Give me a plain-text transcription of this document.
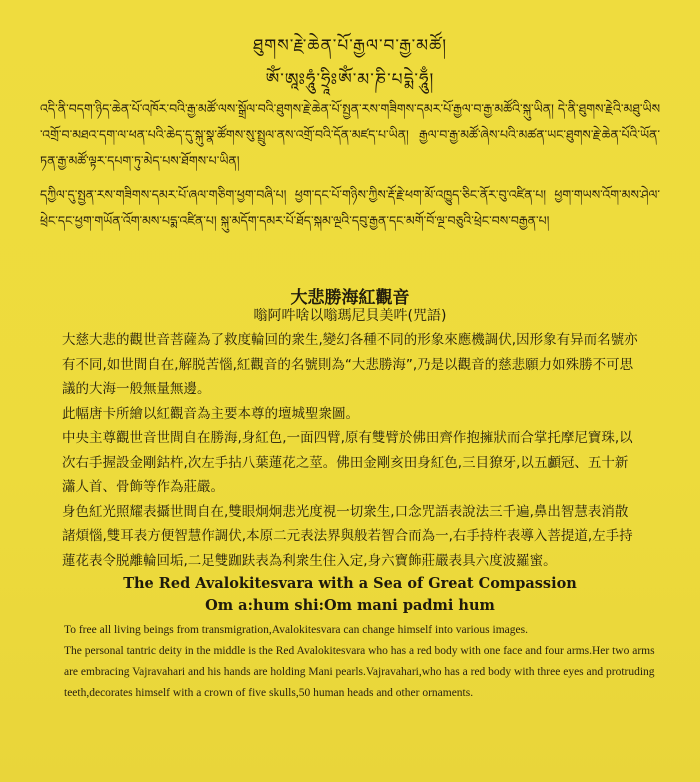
ཐུགས་རྗེ་ཆེན་པོ་རྒྱལ་བ་རྒྱ་མཚོ།
ཨོཾ་ཨཱཿཧཱུཾ་ཧྲཱིཿཨོཾ་མ་ཎི་པདྨེ་ཧཱུྃ།
འདི་ནི་བདག་ཉིད་ཆེན་པོ་འཁོར་བའི་རྒྱ་མཚོ་ལས་སྒྲོལ་བའི་ཐུགས་རྗེ་ཆེན་པོ་སྤྱན་རས་གཟིགས་དམར་པོ་རྒྱལ་བ་རྒྱ་མཚོའི་སྐུ་ཡིན། དེ་ནི་ཐུགས་རྗེའི་མཐུ་ཡིས་འགྲོ་བ་མཐའ་དག་ལ་ཕན་པའི་ཆེད་དུ་སྐུ་སྣ་ཚོགས་སུ་སྤྲུལ་ནས་འགྲོ་བའི་དོན་མཛད་པ་ཡིན། རྒྱལ་བ་རྒྱ་མཚོ་ཞེས་པའི་མཚན་ཡང་ཐུགས་རྗེ་ཆེན་པོའི་ཡོན་ཏན་རྒྱ་མཚོ་ལྟར་དཔག་ཏུ་མེད་པས་ཐོགས་པ་ཡིན།
དཀྱིལ་དུ་སྤྱན་རས་གཟིགས་དམར་པོ་ཞལ་གཅིག་ཕྱག་བཞི་པ། ཕྱག་དང་པོ་གཉིས་ཀྱིས་རྡོ་རྗེ་ཕག་མོ་འཁྱུད་ཅིང་ནོར་བུ་འཛིན་པ། ཕྱག་གཡས་འོག་མས་ཤེལ་ཕྲེང་དང་ཕྱག་གཡོན་འོག་མས་པདྨ་འཛིན་པ། སྐུ་མདོག་དམར་པོ་ཐོད་སྐམ་ལྔའི་དབུ་རྒྱན་དང་མགོ་བོ་ལྔ་བཅུའི་ཕྲེང་བས་བརྒྱན་པ།
大悲勝海紅觀音
嗡阿吽啥以嗡瑪尼貝美吽(咒語)

大慈大悲的觀世音菩薩為了救度輪回的衆生,變幻各種不同的形象來應機調伏,因形象有异而名號亦有不同,如世間自在,解脱苦惱,紅觀音的名號則為“大悲勝海”,乃是以觀音的慈悲願力如殊勝不可思議的大海一般無量無邊。

此幅唐卡所繪以紅觀音為主要本尊的壇城聖衆圖。

中央主尊觀世音世間自在勝海,身紅色,一面四臂,原有雙臂於佛田齊作抱擁狀而合掌托摩尼寶珠,以次右手握設金剛鈷杵,次左手拈八葉蓮花之莖。佛田金剛亥田身紅色,三目獠牙,以五顱冠、五十新瀟人首、骨飾等作為莊嚴。

身色紅光照耀表攝世間自在,雙眼炯炯悲光度視一切衆生,口念咒語表說法三千遍,鼻出智慧表消散諸煩惱,雙耳表方便智慧作調伏,本原二元表法界與般若智合而為一,右手持杵表導入菩提道,左手持蓮花表令脱離輪回垢,二足雙跏趺表為利衆生住入定,身六寶飾莊嚴表具六度波羅蜜。

The Red Avalokitesvara with a Sea of Great Compassion
Om a:hum shi:Om mani padmi hum

To free all living beings from transmigration,Avalokitesvara can change himself into various images.

The personal tantric deity in the middle is the Red Avalokitesvara who has a red body with one face and four arms.Her two arms are embracing Vajravahari and his hands are holding Mani pearls.Vajravahari,who has a red body with three eyes and protruding teeth,decorates himself with a crown of five skulls,50 human heads and other ornaments.
